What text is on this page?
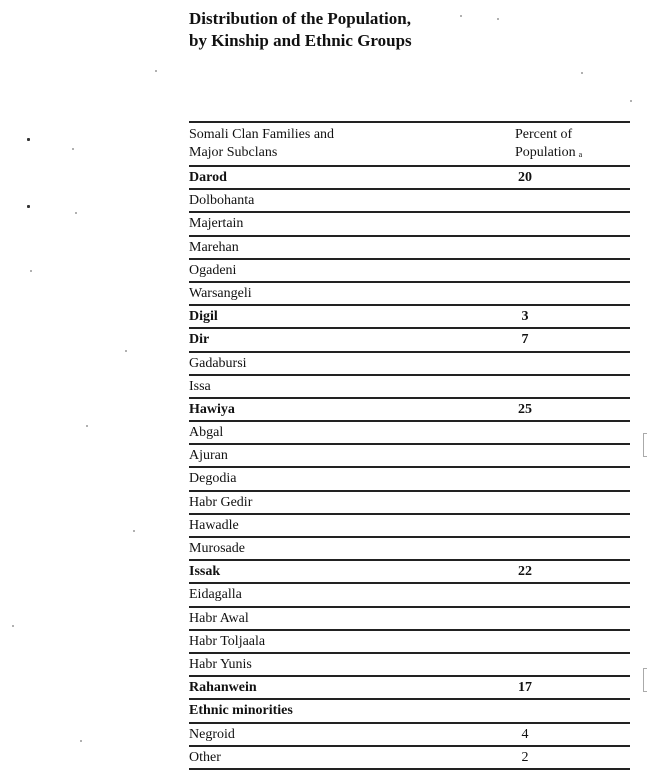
Distribution of the Population,
by Kinship and Ethnic Groups
Somali Clan Families and
Major Subclans
Percent of
Population $^a$
Darod	20
Dolbohanta
Majertain
Marehan
Ogadeni
Warsangeli
Digil	3
Dir	7
Gadabursi
Issa
Hawiya	25
Abgal
Ajuran
Degodia
Habr Gedir
Hawadle
Murosade
Issak	22
Eidagalla
Habr Awal
Habr Toljaala
Habr Yunis
Rahanwein	17
Ethnic minorities
Negroid	4
Other	2
